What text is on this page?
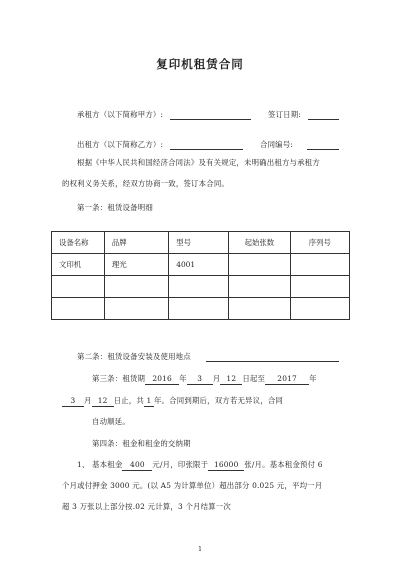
复印机租赁合同
承租方（以下简称甲方）:	签订日期:
出租方（以下简称乙方）:	合同编号:
根据《中华人民共和国经济合同法》及有关规定，未明确出租方与承租方
的权利义务关系，经双方协商一致，签订本合同。
第一条：租赁设备明细
设备名称	品牌	型号	起始张数	序列号
文印机	理光	4001		

第二条：租赁设备安装及使用地点
第三条：租赁期 2016 年 3 月 12 日起至 2017 年
3 月 12 日止，共 1 年。合同到期后，双方若无异议，合同
自动顺延。
第四条：租金和租金的交纳期
1、 基本租金 400 元/月，印张限于 16000 张/月。基本租金预付 6
个月或付押金 3000 元。(以 A5 为计算单位）超出部分 0.025 元，平均一月
超 3 万张以上部分按.02 元计算，3 个月结算一次
1
